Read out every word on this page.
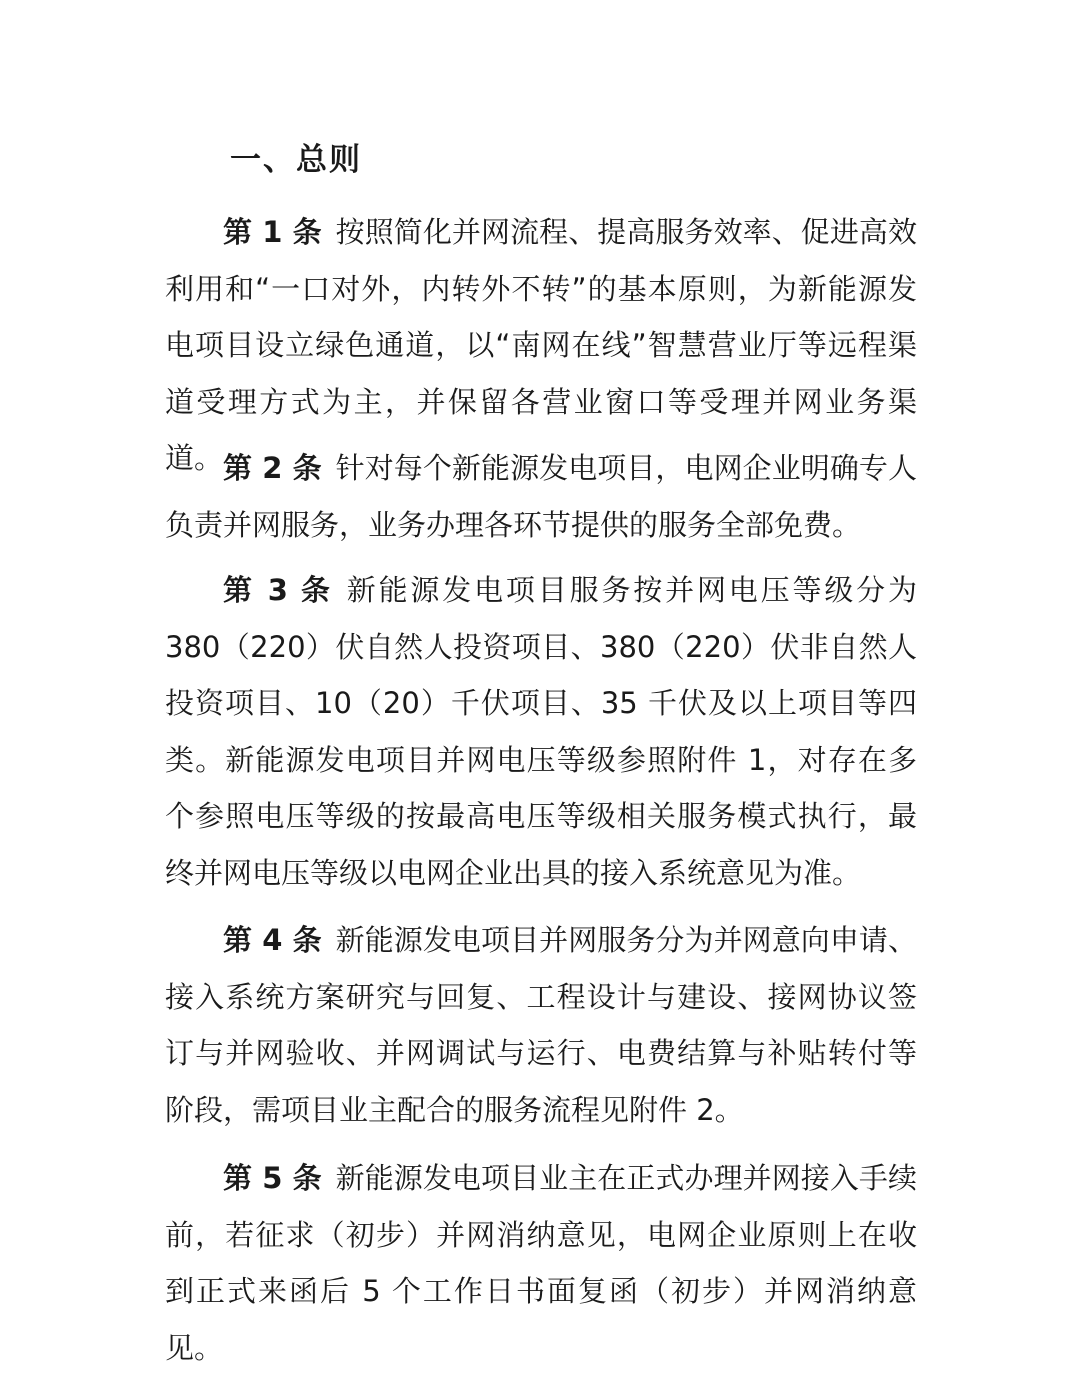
一、总则

第 1 条 按照简化并网流程、提高服务效率、促进高效利用和“一口对外，内转外不转”的基本原则，为新能源发电项目设立绿色通道，以“南网在线”智慧营业厅等远程渠道受理方式为主，并保留各营业窗口等受理并网业务渠道。 第 2 条 针对每个新能源发电项目，电网企业明确专人负责并网服务，业务办理各环节提供的服务全部免费。

第 3 条 新能源发电项目服务按并网电压等级分为 380（220）伏自然人投资项目、380（220）伏非自然人投资项目、10（20）千伏项目、35 千伏及以上项目等四类。新能源发电项目并网电压等级参照附件 1，对存在多个参照电压等级的按最高电压等级相关服务模式执行，最终并网电压等级以电网企业出具的接入系统意见为准。

第 4 条 新能源发电项目并网服务分为并网意向申请、接入系统方案研究与回复、工程设计与建设、接网协议签订与并网验收、并网调试与运行、电费结算与补贴转付等阶段，需项目业主配合的服务流程见附件 2。

第 5 条 新能源发电项目业主在正式办理并网接入手续前，若征求（初步）并网消纳意见，电网企业原则上在收到正式来函后 5 个工作日书面复函（初步）并网消纳意见。
